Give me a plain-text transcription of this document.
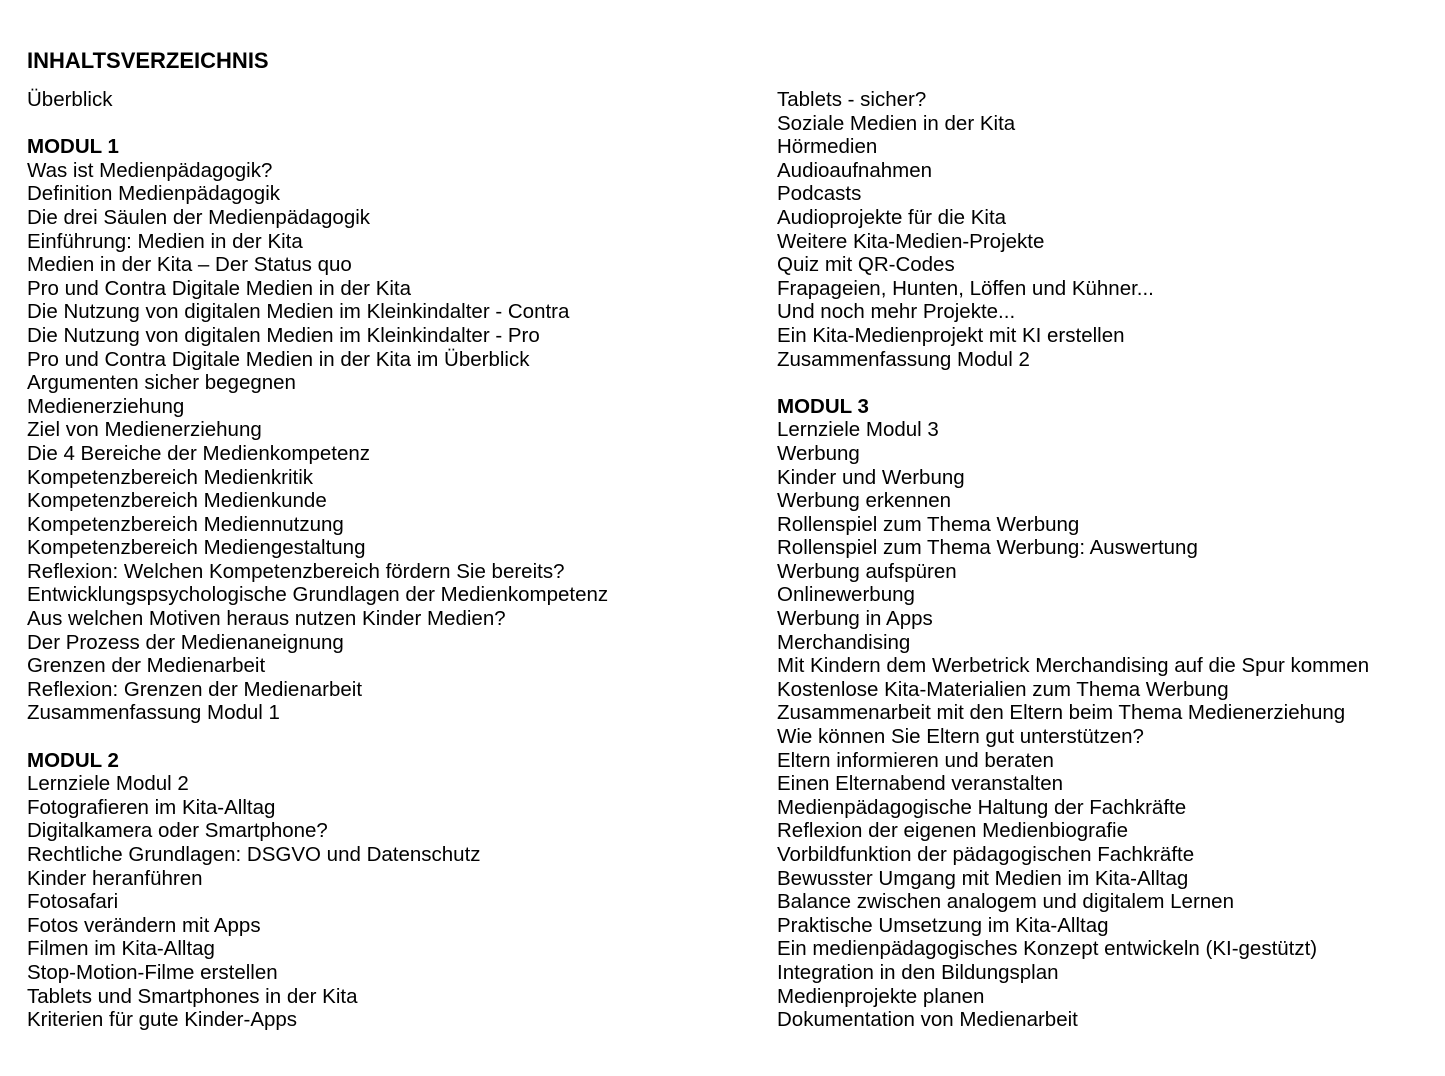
INHALTSVERZEICHNIS
Überblick
MODUL 1
Was ist Medienpädagogik?
Definition Medienpädagogik
Die drei Säulen der Medienpädagogik
Einführung: Medien in der Kita
Medien in der Kita – Der Status quo
Pro und Contra Digitale Medien in der Kita
Die Nutzung von digitalen Medien im Kleinkindalter - Contra
Die Nutzung von digitalen Medien im Kleinkindalter - Pro
Pro und Contra Digitale Medien in der Kita im Überblick
Argumenten sicher begegnen
Medienerziehung
Ziel von Medienerziehung
Die 4 Bereiche der Medienkompetenz
Kompetenzbereich Medienkritik
Kompetenzbereich Medienkunde
Kompetenzbereich Mediennutzung
Kompetenzbereich Mediengestaltung
Reflexion: Welchen Kompetenzbereich fördern Sie bereits?
Entwicklungspsychologische Grundlagen der Medienkompetenz
Aus welchen Motiven heraus nutzen Kinder Medien?
Der Prozess der Medienaneignung
Grenzen der Medienarbeit
Reflexion: Grenzen der Medienarbeit
Zusammenfassung Modul 1
MODUL 2
Lernziele Modul 2
Fotografieren im Kita-Alltag
Digitalkamera oder Smartphone?
Rechtliche Grundlagen: DSGVO und Datenschutz
Kinder heranführen
Fotosafari
Fotos verändern mit Apps
Filmen im Kita-Alltag
Stop-Motion-Filme erstellen
Tablets und Smartphones in der Kita
Kriterien für gute Kinder-Apps
Tablets - sicher?
Soziale Medien in der Kita
Hörmedien
Audioaufnahmen
Podcasts
Audioprojekte für die Kita
Weitere Kita-Medien-Projekte
Quiz mit QR-Codes
Frapageien, Hunten, Löffen und Kühner...
Und noch mehr Projekte...
Ein Kita-Medienprojekt mit KI erstellen
Zusammenfassung Modul 2
MODUL 3
Lernziele Modul 3
Werbung
Kinder und Werbung
Werbung erkennen
Rollenspiel zum Thema Werbung
Rollenspiel zum Thema Werbung: Auswertung
Werbung aufspüren
Onlinewerbung
Werbung in Apps
Merchandising
Mit Kindern dem Werbetrick Merchandising auf die Spur kommen
Kostenlose Kita-Materialien zum Thema Werbung
Zusammenarbeit mit den Eltern beim Thema Medienerziehung
Wie können Sie Eltern gut unterstützen?
Eltern informieren und beraten
Einen Elternabend veranstalten
Medienpädagogische Haltung der Fachkräfte
Reflexion der eigenen Medienbiografie
Vorbildfunktion der pädagogischen Fachkräfte
Bewusster Umgang mit Medien im Kita-Alltag
Balance zwischen analogem und digitalem Lernen
Praktische Umsetzung im Kita-Alltag
Ein medienpädagogisches Konzept entwickeln (KI-gestützt)
Integration in den Bildungsplan
Medienprojekte planen
Dokumentation von Medienarbeit
